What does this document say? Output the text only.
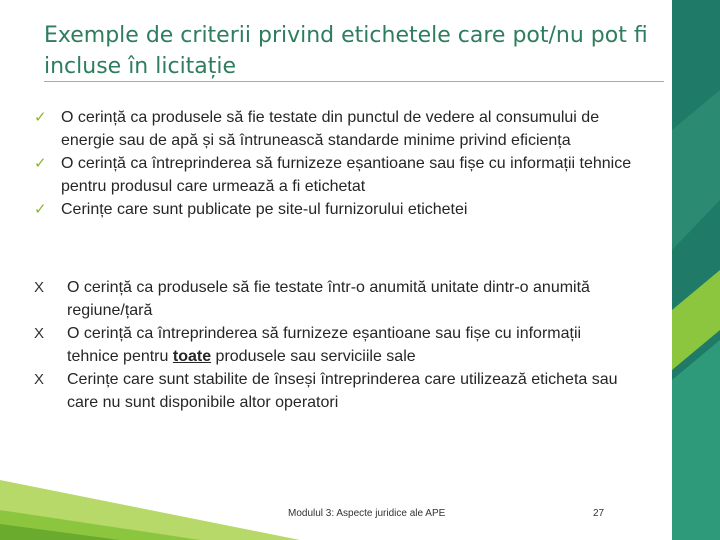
Exemple de criterii privind etichetele care pot/nu pot fi incluse în licitație
✓ O cerință ca produsele să fie testate din punctul de vedere al consumului de energie sau de apă și să întrunească standarde minime privind eficiența
✓ O cerință ca întreprinderea să furnizeze eșantioane sau fișe cu informații tehnice pentru produsul care urmează a fi etichetat
✓ Cerințe care sunt publicate pe site-ul furnizorului etichetei
X	O cerință ca produsele să fie testate într-o anumită unitate dintr-o anumită regiune/țară
X	O cerință ca întreprinderea să furnizeze eșantioane sau fișe cu informații tehnice pentru toate produsele sau serviciile sale
X	Cerințe care sunt stabilite de înseși întreprinderea care utilizează eticheta sau care nu sunt disponibile altor operatori
Modulul 3: Aspecte juridice ale APE	27
